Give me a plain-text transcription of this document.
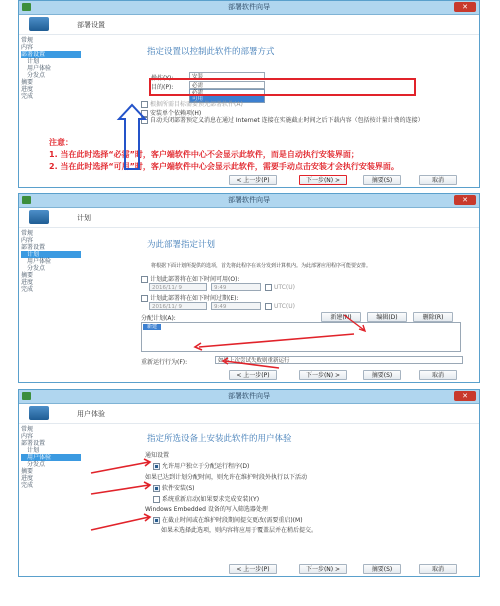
部署软件向导	✕
部署设置
常规
内容
部署设置
计划
用户体验
分发点
摘要
进度
完成
指定设置以控制此软件的部署方式
操作(Y):	安装
目的(P):	必需
必需
可用
根据所需目标需要预先部署软件(A)
安装单个依赖项(H)
自动关闭部署预定义消息在通过 Internet 连接在实施截止时间之后下载内容（包括按计量计费的连接）
注意：
1. 当在此时选择“必需”时，客户端软件中心不会显示此软件，而是自动执行安装界面；
2. 当在此时选择“可用”时，客户端软件中心会显示此软件，需要手动点击安装才会执行安装界面。
< 上一步(P)	下一步(N) >	摘要(S)	取消
部署软件向导	✕
计划
常规
内容
部署设置
计划
用户体验
分发点
摘要
进度
完成
为此部署指定计划
将根据下面计划所提供的选项，首先将此程序在该分发到计算机内。为此部署应用程序可能要安排。
计划此部署将在如下时间可用(O):
2016/11/ 9	9:49	UTC(U)
计划此部署将在如下时间过期(E):
2016/11/ 9	9:49	UTC(U)
分配计划(A):	新建(N)	编辑(D)	删除(R)
新建
重新运行行为(F):	如果上次尝试失败则重新运行
< 上一步(P)	下一步(N) >	摘要(S)	取消
部署软件向导	✕
用户体验
常规
内容
部署设置
计划
用户体验
分发点
摘要
进度
完成
指定所选设备上安装此软件的用户体验
通知设置
允许用户独立于分配运行程序(D)
如果已达到计划分配时间，则允许在维护时段外执行以下活动
软件安装(S)
系统重新启动(如果要求完成安装)(Y)
Windows Embedded 设备的写入筛选器处理
在截止时间或在维护时段期间提交更改(需要重启)(M)
如果未选择此选项，则内容将应用于覆盖层并在稍后提交。
< 上一步(P)	下一步(N) >	摘要(S)	取消
